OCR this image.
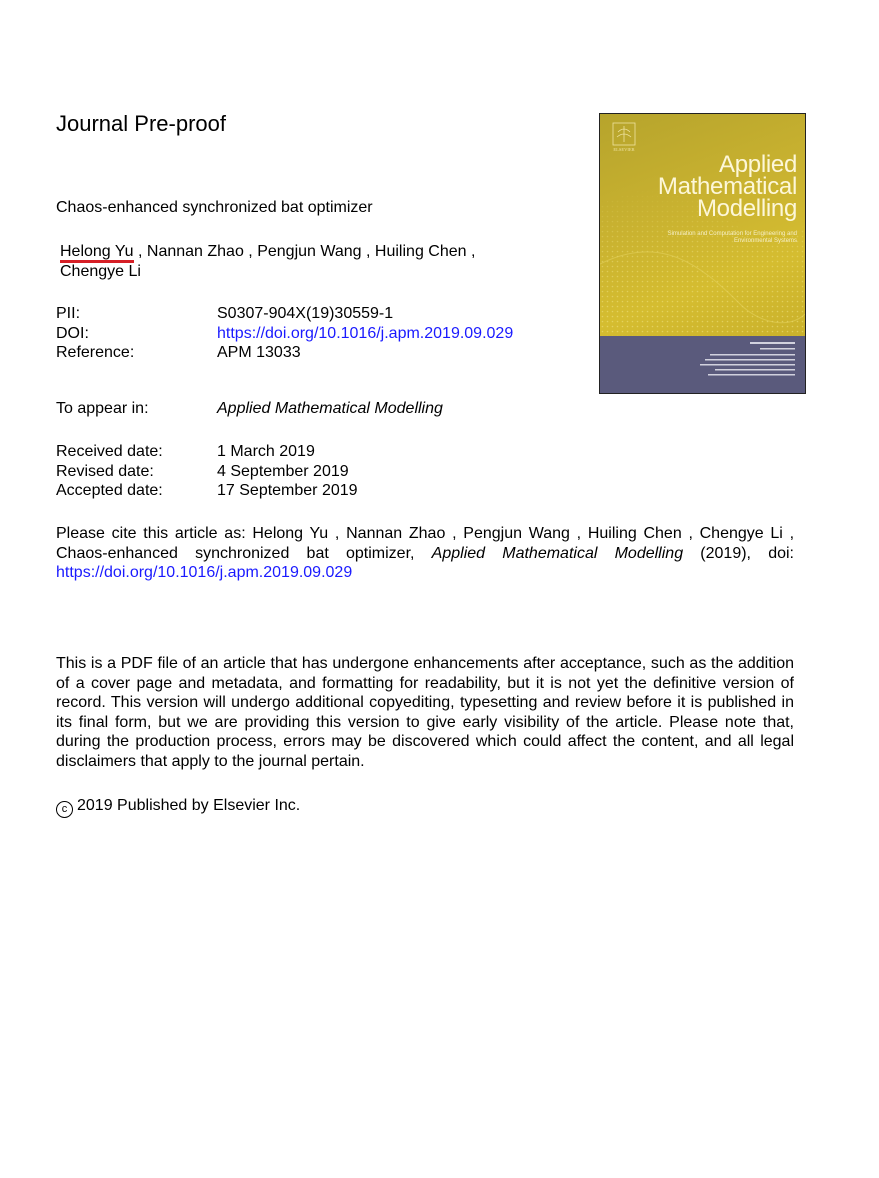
Journal Pre-proof
Chaos-enhanced synchronized bat optimizer
Helong Yu , Nannan Zhao , Pengjun Wang , Huiling Chen ,
Chengye Li
PII:	S0307-904X(19)30559-1
DOI:	https://doi.org/10.1016/j.apm.2019.09.029
Reference:	APM 13033
To appear in:	Applied Mathematical Modelling
Received date:	1 March 2019
Revised date:	4 September 2019
Accepted date:	17 September 2019
Please cite this article as: Helong Yu , Nannan Zhao , Pengjun Wang , Huiling Chen , Chengye Li , Chaos-enhanced synchronized bat optimizer, Applied Mathematical Modelling (2019), doi: https://doi.org/10.1016/j.apm.2019.09.029
This is a PDF file of an article that has undergone enhancements after acceptance, such as the addition of a cover page and metadata, and formatting for readability, but it is not yet the definitive version of record. This version will undergo additional copyediting, typesetting and review before it is published in its final form, but we are providing this version to give early visibility of the article. Please note that, during the production process, errors may be discovered which could affect the content, and all legal disclaimers that apply to the journal pertain.
c 2019 Published by Elsevier Inc.
ELSEVIER
Applied
Mathematical
Modelling
Simulation and Computation for Engineering and Environmental Systems
